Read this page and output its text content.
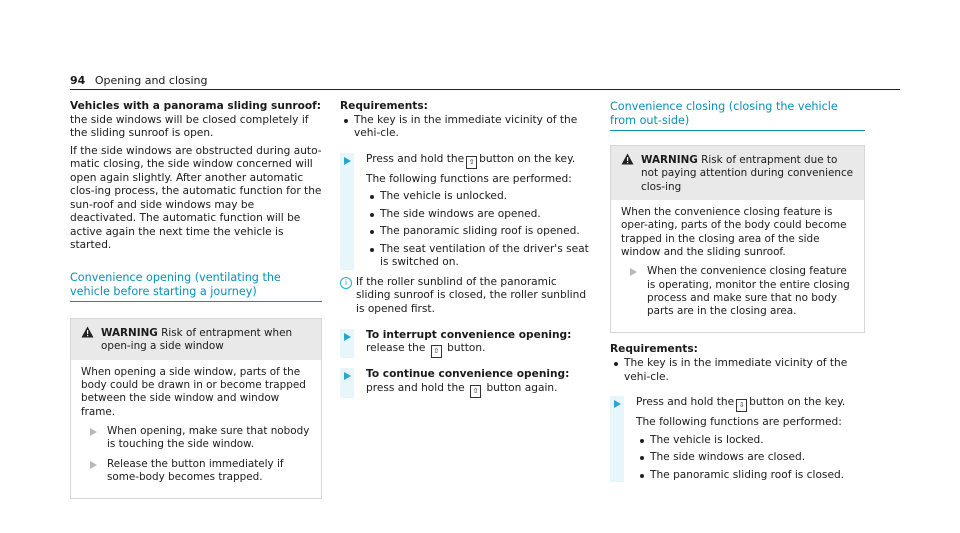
94 Opening and closing

Vehicles with a panorama sliding sunroof: the side windows will be closed completely if the sliding sunroof is open.

If the side windows are obstructed during auto-matic closing, the side window concerned will open again slightly. After another automatic clos-ing process, the automatic function for the sun-roof and side windows may be deactivated. The automatic function will be active again the next time the vehicle is started.

Convenience opening (ventilating the vehicle before starting a journey)

WARNING Risk of entrapment when open-ing a side window

When opening a side window, parts of the body could be drawn in or become trapped between the side window and window frame.

When opening, make sure that nobody is touching the side window.
Release the button immediately if some-body becomes trapped.

Requirements:

The key is in the immediate vicinity of the vehi-cle.

Press and hold the ⇧ button on the key.

The following functions are performed:

The vehicle is unlocked.
The side windows are opened.
The panoramic sliding roof is opened.
The seat ventilation of the driver's seat is switched on.
i If the roller sunblind of the panoramic sliding sunroof is closed, the roller sunblind is opened first.

To interrupt convenience opening: release the ⇧ button.

To continue convenience opening: press and hold the ⇧ button again.

Convenience closing (closing the vehicle from out-side)

WARNING Risk of entrapment due to not paying attention during convenience clos-ing

When the convenience closing feature is oper-ating, parts of the body could become trapped in the closing area of the side window and the sliding sunroof.

When the convenience closing feature is operating, monitor the entire closing process and make sure that no body parts are in the closing area.

Requirements:

The key is in the immediate vicinity of the vehi-cle.

Press and hold the ⇩ button on the key.

The following functions are performed:

The vehicle is locked.
The side windows are closed.
The panoramic sliding roof is closed.
